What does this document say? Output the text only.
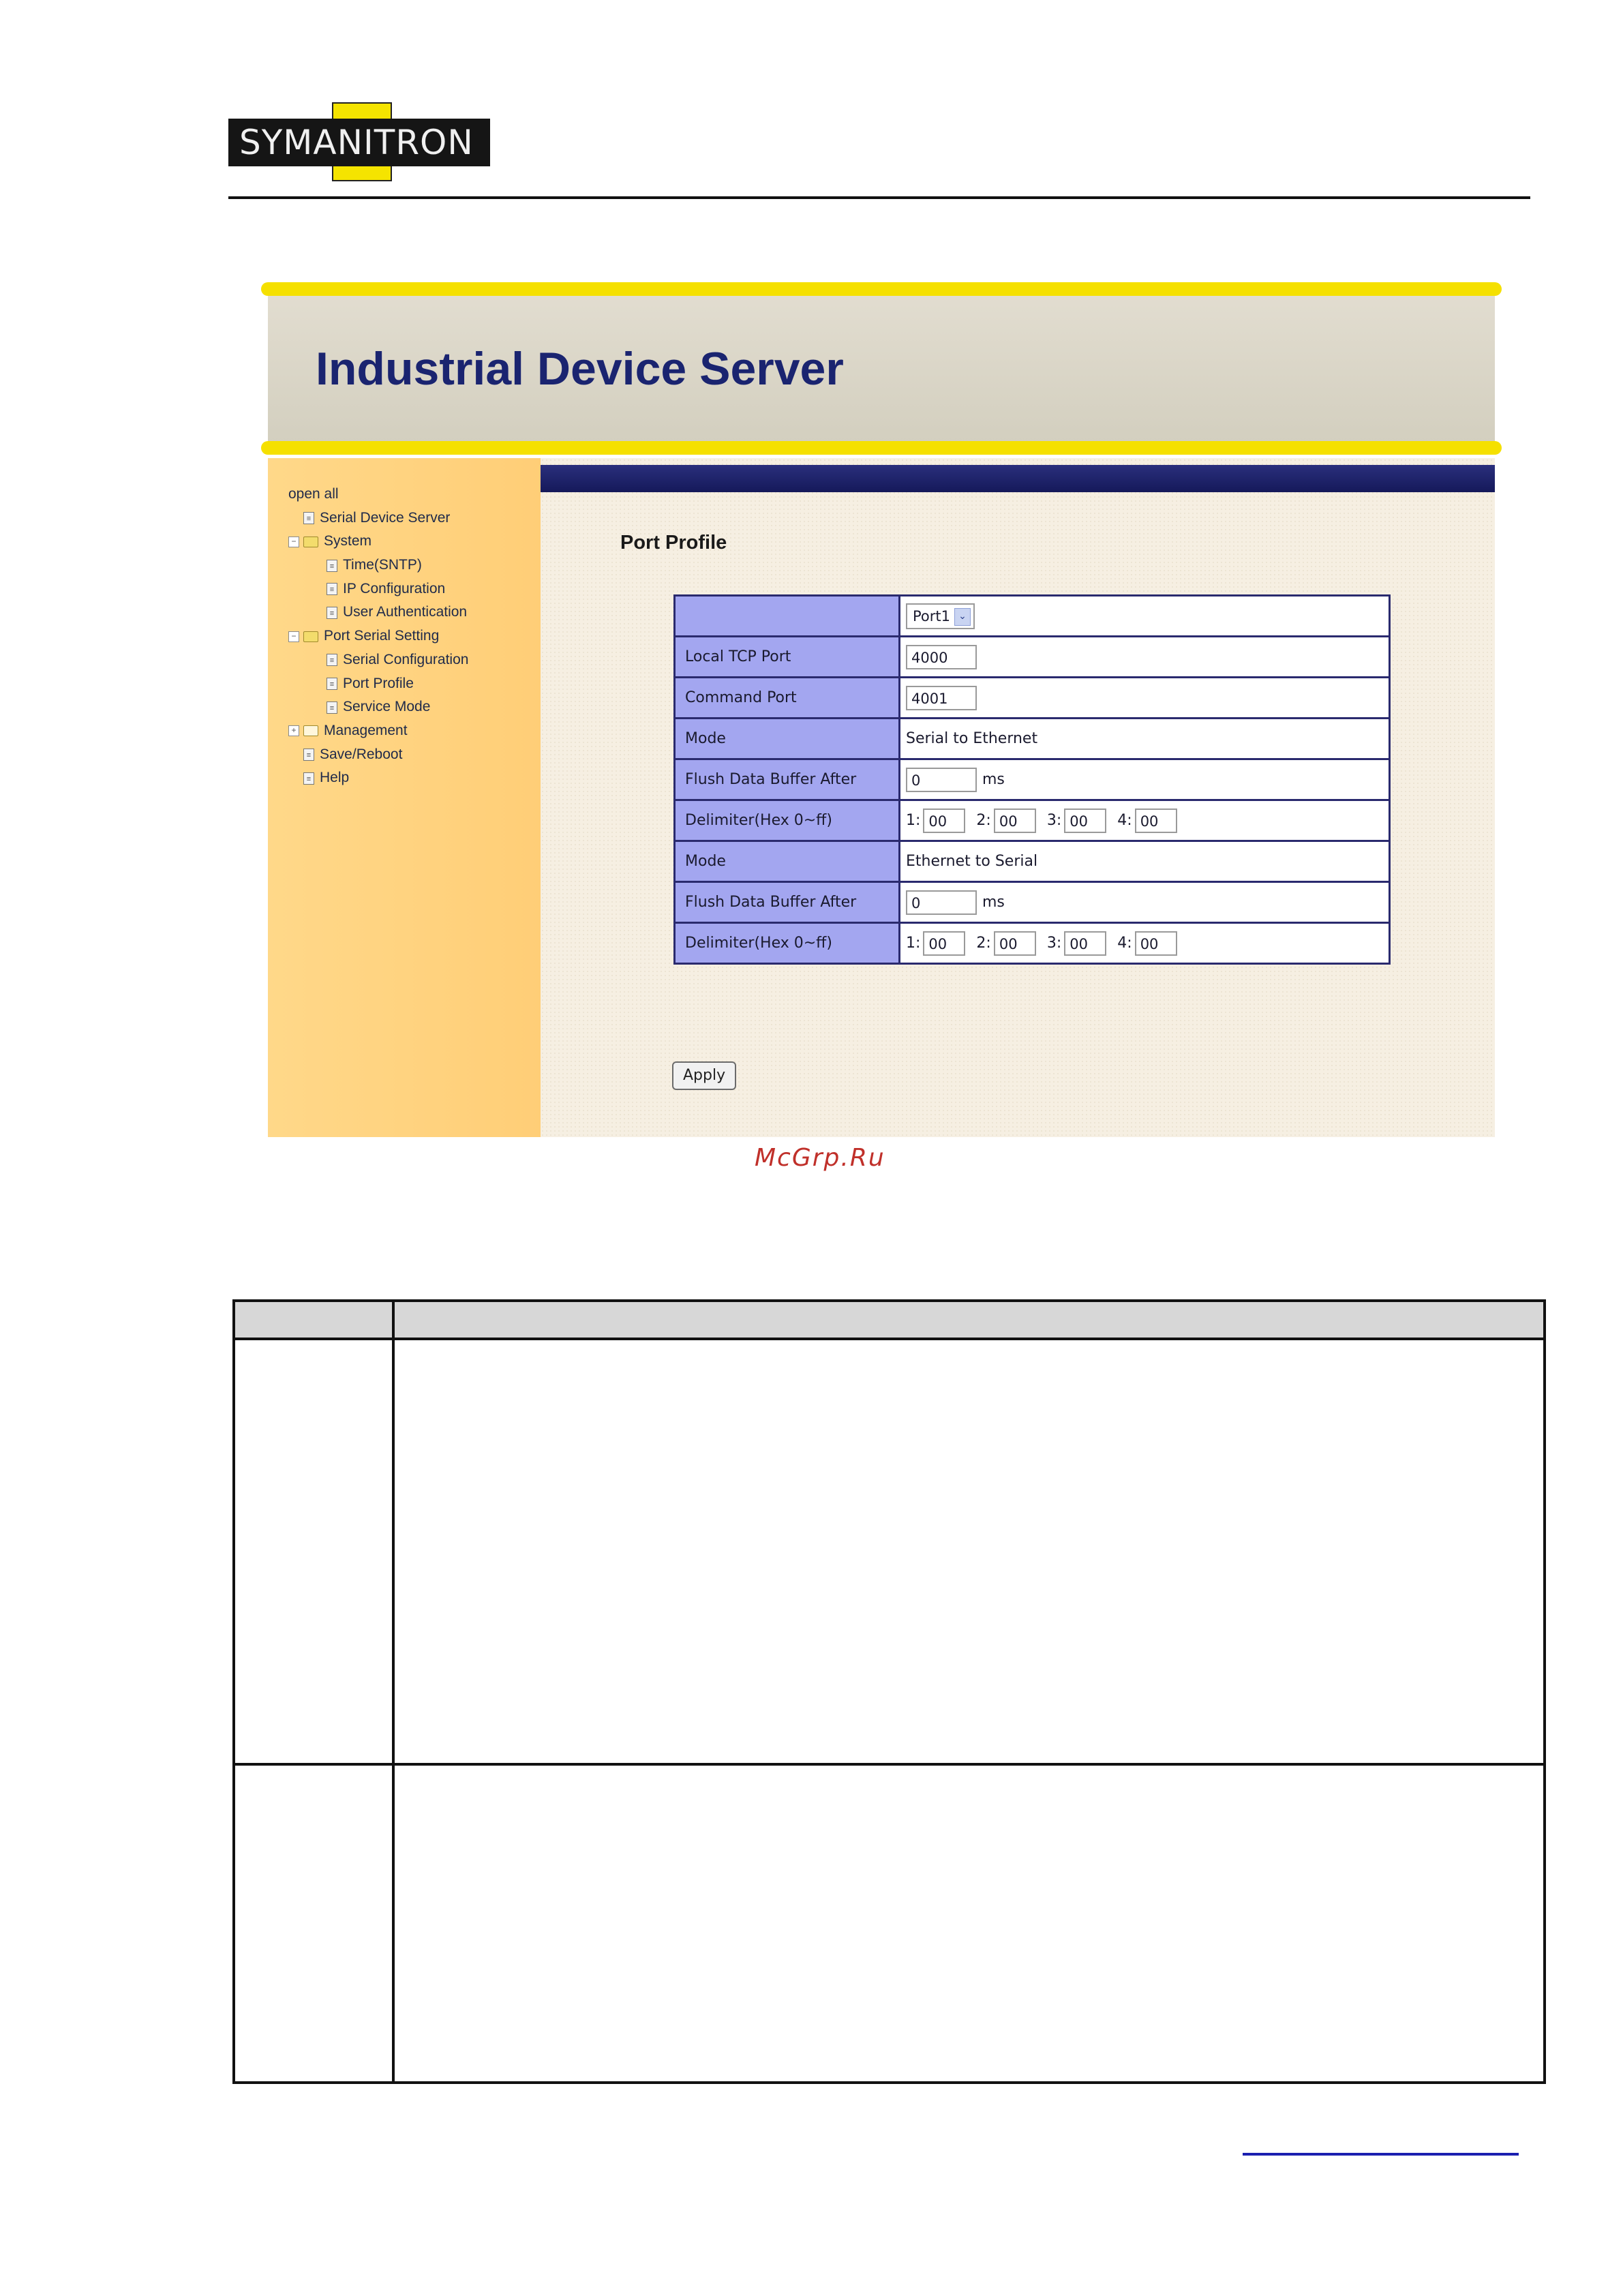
SYMANITRON
Industrial Device Server
open all
≡ Serial Device Server
− System
≡ Time(SNTP)
≡ IP Configuration
≡ User Authentication
− Port Serial Setting
≡ Serial Configuration
≡ Port Profile
≡ Service Mode
+ Management
≡ Save/Reboot
≡ Help
Port Profile
	Port1 ⌄
Local TCP Port	4000
Command Port	4001
Mode	Serial to Ethernet
Flush Data Buffer After	0 ms
Delimiter(Hex 0~ff)	1: 00 2: 00 3: 00 4: 00
Mode	Ethernet to Serial
Flush Data Buffer After	0 ms
Delimiter(Hex 0~ff)	1: 00 2: 00 3: 00 4: 00
Apply
McGrp.Ru
